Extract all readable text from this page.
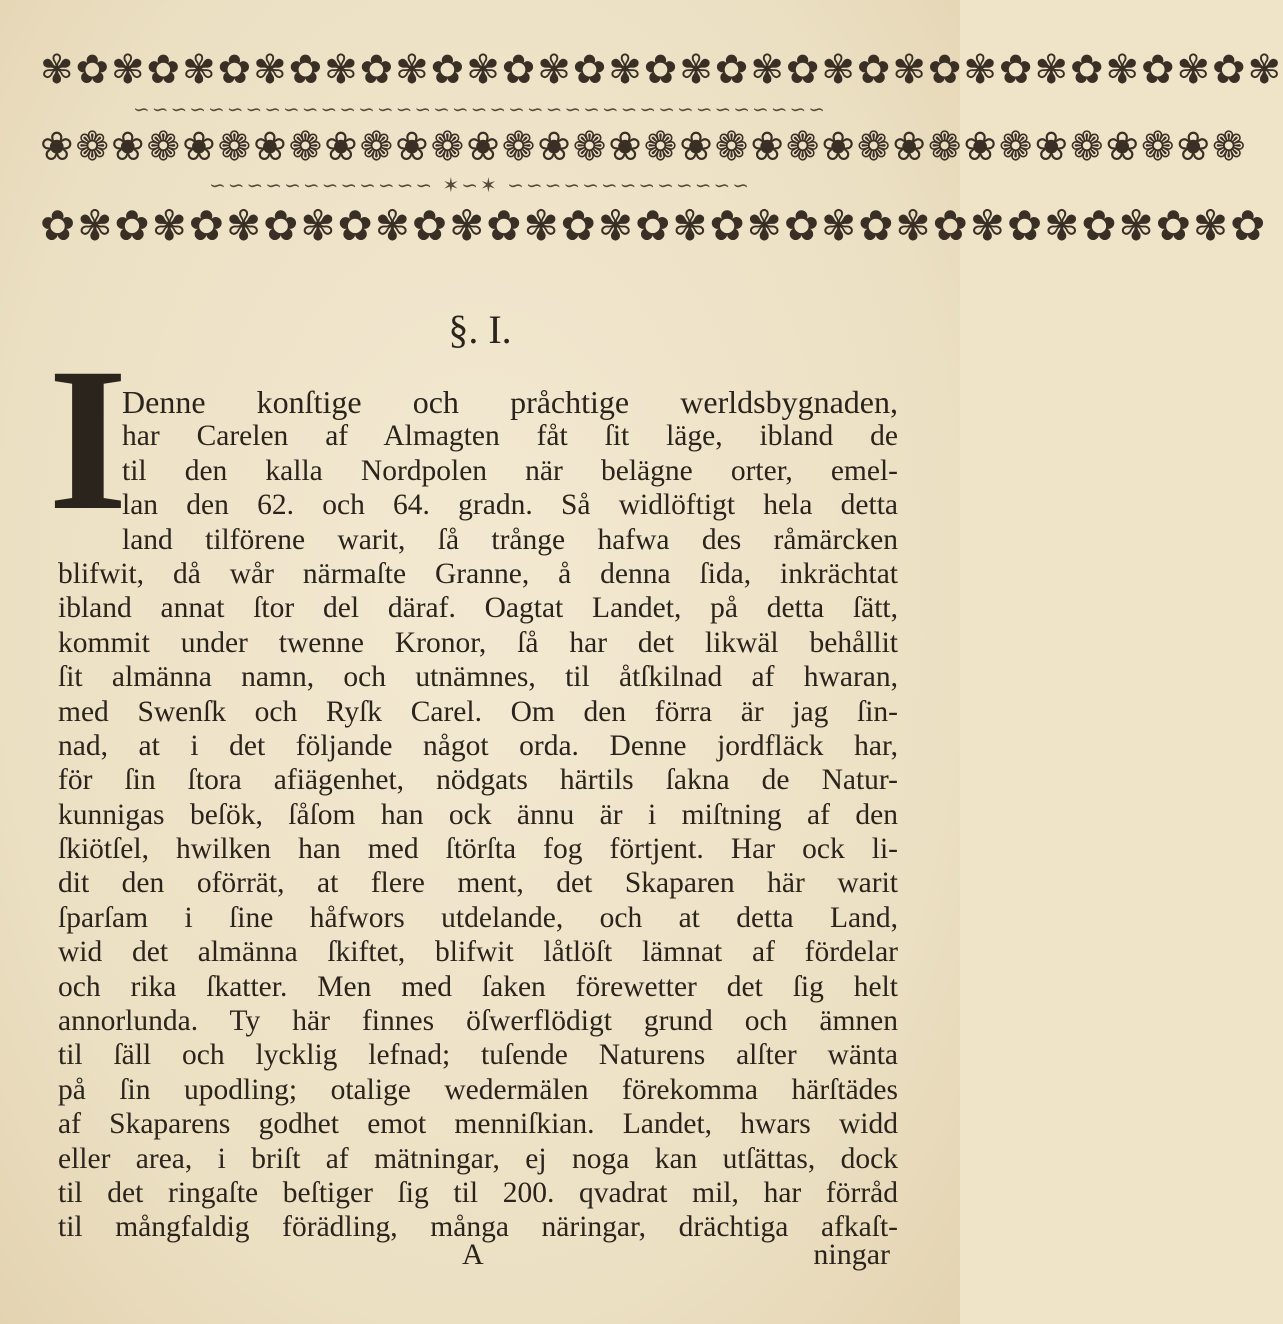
✾✿✾✿✾✿✾✿✾✿✾✿✾✿✾✿✾✿✾✿✾✿✾✿✾✿✾✿✾✿✾✿✾✿✾
∽∽∽∽∽∽∽∽∽∽∽∽∽∽∽∽∽∽∽∽∽∽∽∽∽∽∽∽∽∽∽∽∽∽∽∽∽
❀❁❀❁❀❁❀❁❀❁❀❁❀❁❀❁❀❁❀❁❀❁❀❁❀❁❀❁❀❁❀❁❀❁
∽∽∽∽∽∽∽∽∽∽∽∽ ✶∽✶ ∽∽∽∽∽∽∽∽∽∽∽∽∽
✿✾✿✾✿✾✿✾✿✾✿✾✿✾✿✾✿✾✿✾✿✾✿✾✿✾✿✾✿✾✿✾✿
§. I.
I
Denne konſtige och pråchtige werldsbygnaden,
har Carelen af Almagten fåt ſit läge, ibland de
til den kalla Nordpolen när belägne orter, emel-
lan den 62. och 64. gradn. Så widlöftigt hela detta
land tilförene warit, ſå trånge hafwa des råmärcken
blifwit, då wår närmaſte Granne, å denna ſida, inkrächtat
ibland annat ſtor del däraf. Oagtat Landet, på detta ſätt,
kommit under twenne Kronor, ſå har det likwäl behållit
ſit almänna namn, och utnämnes, til åtſkilnad af hwaran,
med Swenſk och Ryſk Carel. Om den förra är jag ſin-
nad, at i det följande något orda. Denne jordfläck har,
för ſin ſtora afiägenhet, nödgats härtils ſakna de Natur-
kunnigas beſök, ſåſom han ock ännu är i miſtning af den
ſkiötſel, hwilken han med ſtörſta fog förtjent. Har ock li-
dit den oförrät, at flere ment, det Skaparen här warit
ſparſam i ſine håfwors utdelande, och at detta Land,
wid det almänna ſkiftet, blifwit låtlöſt lämnat af fördelar
och rika ſkatter. Men med ſaken förewetter det ſig helt
annorlunda. Ty här finnes öſwerflödigt grund och ämnen
til ſäll och lycklig lefnad; tuſende Naturens alſter wänta
på ſin upodling; otalige wedermälen förekomma härſtädes
af Skaparens godhet emot menniſkian. Landet, hwars widd
eller area, i briſt af mätningar, ej noga kan utſättas, dock
til det ringaſte beſtiger ſig til 200. qvadrat mil, har förråd
til mångfaldig förädling, många näringar, drächtiga afkaſt-
A	ningar
